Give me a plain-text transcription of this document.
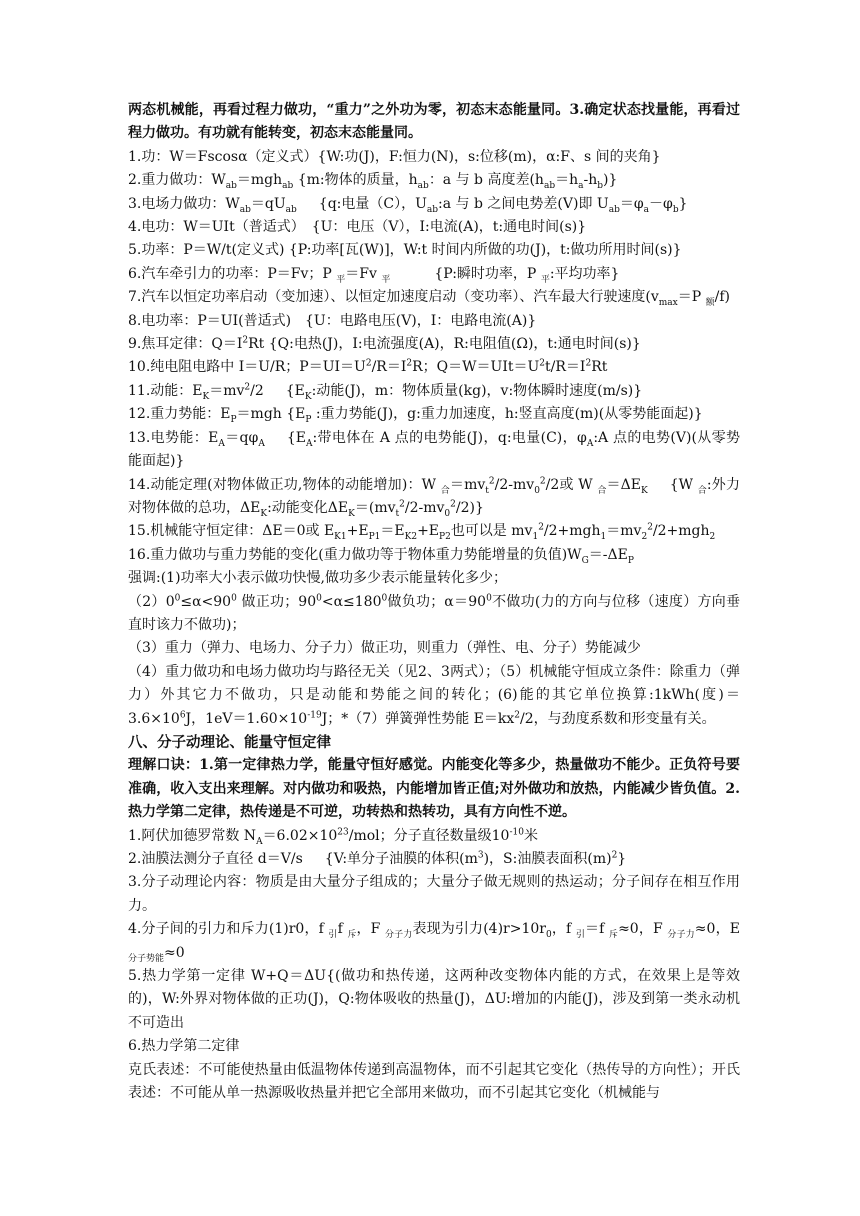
两态机械能，再看过程力做功，“重力”之外功为零，初态末态能量同。3.确定状态找量能，再看过程力做功。有功就有能转变，初态末态能量同。

1.功：W＝Fscosα（定义式）{W:功(J)，F:恒力(N)，s:位移(m)，α:F、s 间的夹角}

2.重力做功：$W_{ab}=mgh_{ab}$ {m:物体的质量，$h_{ab}$：a 与 b 高度差$(h_{ab}=h_a-h_b)$}

3.电场力做功：$W_{ab}=qU_{ab}$ {q:电量（C），$U_{ab}:a$ 与 b 之间电势差(V)即 $U_{ab}=\varphi_a-\varphi_b$}

4.电功：W＝UIt（普适式）　{U：电压（V），I:电流(A)，t:通电时间(s)}

5.功率：P＝W/t(定义式) {P:功率[瓦(W)]，W:t 时间内所做的功(J)，t:做功所用时间(s)}

6.汽车牵引力的功率：P＝Fv；P $_平$＝Fv $_平$	{P:瞬时功率，P $_平$:平均功率}

7.汽车以恒定功率启动（变加速）、以恒定加速度启动（变功率）、汽车最大行驶速度($v_{max}=P$ $_额$/f)

8.电功率：P＝UI(普适式)　{U：电路电压(V)，I：电路电流(A)}

9.焦耳定律：$Q=I^2Rt$ {Q:电热(J)，I:电流强度(A)，R:电阻值(Ω)，t:通电时间(s)}

10.纯电阻电路中 I＝U/R；$P=UI=U^2/R=I^2R$；$Q=W=UIt=U^2t/R=I^2Rt$

11.动能：$E_K=mv^2/2$ {$E_K$:动能(J)，m：物体质量(kg)，v:物体瞬时速度(m/s)}

12.重力势能：$E_P=mgh$ {$E_P$ :重力势能(J)，g:重力加速度，h:竖直高度(m)(从零势能面起)}

13.电势能：$E_A=q\varphi_A$ {$E_A$:带电体在 A 点的电势能(J)，q:电量(C)，$\varphi_A:A$ 点的电势(V)(从零势能面起)}

14.动能定理(对物体做正功,物体的动能增加)：W $_合=mv_t^2/2-mv_0^2/2$或 W $_合=\Delta E_K$ {W $_合$:外力对物体做的总功，$\Delta E_K$:动能变化$\Delta E_K=(mv_t^2/2-mv_0^2/2)$}

15.机械能守恒定律：ΔE＝0或 $E_{K1}+E_{P1}=E_{K2}+E_{P2}$也可以是 $mv_1^2/2+mgh_1=mv_2^2/2+mgh_2$

16.重力做功与重力势能的变化(重力做功等于物体重力势能增量的负值)$W_G=-\Delta E_P$

强调:(1)功率大小表示做功快慢,做功多少表示能量转化多少；

$(2)0^0\le\alpha<90^0$ 做正功；$90^0<\alpha\le 180^0$做负功；$\alpha=90^0$不做功(力的方向与位移（速度）方向垂直时该力不做功)；

（3）重力（弹力、电场力、分子力）做正功，则重力（弹性、电、分子）势能减少

（4）重力做功和电场力做功均与路径无关（见2、3两式）；（5）机械能守恒成立条件：除重力（弹力）外其它力不做功，只是动能和势能之间的转化；(6)能的其它单位换算:1kWh(度)$=3.6\times 10^6J$，$1eV=1.60\times 10^{-19}J$；*（7）弹簧弹性势能 $E=kx^2/2$，与劲度系数和形变量有关。

八、分子动理论、能量守恒定律

理解口诀：1.第一定律热力学，能量守恒好感觉。内能变化等多少，热量做功不能少。正负符号要准确，收入支出来理解。对内做功和吸热，内能增加皆正值;对外做功和放热，内能减少皆负值。2.热力学第二定律，热传递是不可逆，功转热和热转功，具有方向性不逆。

1.阿伏加德罗常数 $N_A=6.02\times 10^{23}$/mol；分子直径数量级$10^{-10}$米

2.油膜法测分子直径 d＝V/s {V:单分子油膜的体积$(m^3)$，S:油膜表面积$(m)^2$}

3.分子动理论内容：物质是由大量分子组成的；大量分子做无规则的热运动；分子间存在相互作用力。

4.分子间的引力和斥力(1)r0，f $_引$f $_斥$，F $_{分子力}$表现为引力$(4)r>10r_0$，f $_引$＝f $_斥$≈0，F $_{分子力}$≈0，E $_{分子势能}$≈0

5.热力学第一定律 W+Q＝ΔU{(做功和热传递，这两种改变物体内能的方式，在效果上是等效的)，W:外界对物体做的正功(J)，Q:物体吸收的热量(J)，ΔU:增加的内能(J)，涉及到第一类永动机不可造出

6.热力学第二定律

克氏表述：不可能使热量由低温物体传递到高温物体，而不引起其它变化（热传导的方向性）；开氏表述：不可能从单一热源吸收热量并把它全部用来做功，而不引起其它变化（机械能与
